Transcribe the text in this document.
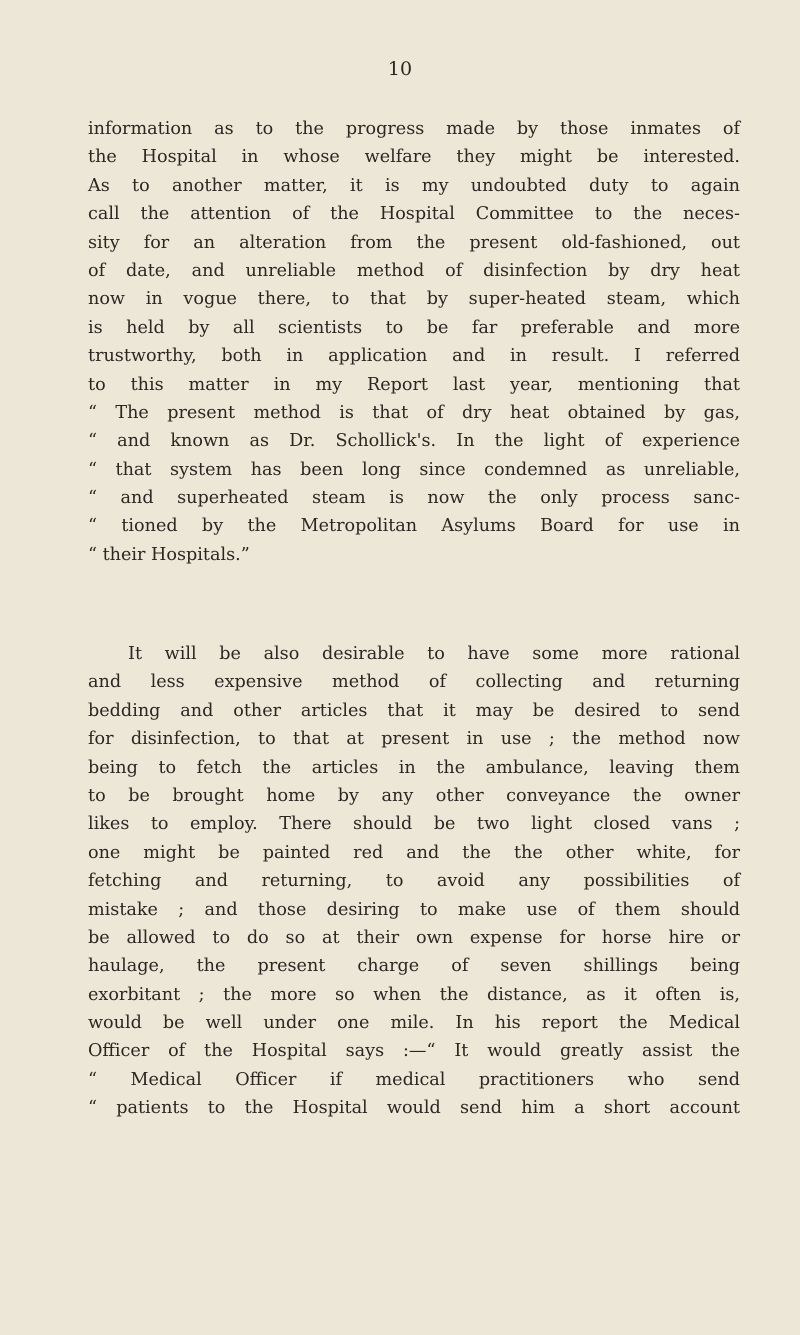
10
information as to the progress made by those inmates of
the Hospital in whose welfare they might be interested.
As to another matter, it is my undoubted duty to again
call the attention of the Hospital Committee to the neces-
sity for an alteration from the present old-fashioned, out
of date, and unreliable method of disinfection by dry heat
now in vogue there, to that by super-heated steam, which
is held by all scientists to be far preferable and more
trustworthy, both in application and in result. I referred
to this matter in my Report last year, mentioning that
“ The present method is that of dry heat obtained by gas,
“ and known as Dr. Schollick's. In the light of experience
“ that system has been long since condemned as unreliable,
“ and superheated steam is now the only process sanc-
“ tioned by the Metropolitan Asylums Board for use in
“ their Hospitals.”
It will be also desirable to have some more rational
and less expensive method of collecting and returning
bedding and other articles that it may be desired to send
for disinfection, to that at present in use ; the method now
being to fetch the articles in the ambulance, leaving them
to be brought home by any other conveyance the owner
likes to employ. There should be two light closed vans ;
one might be painted red and the the other white, for
fetching and returning, to avoid any possibilities of
mistake ; and those desiring to make use of them should
be allowed to do so at their own expense for horse hire or
haulage, the present charge of seven shillings being
exorbitant ; the more so when the distance, as it often is,
would be well under one mile. In his report the Medical
Officer of the Hospital says :—“ It would greatly assist the
“ Medical Officer if medical practitioners who send
“ patients to the Hospital would send him a short account
